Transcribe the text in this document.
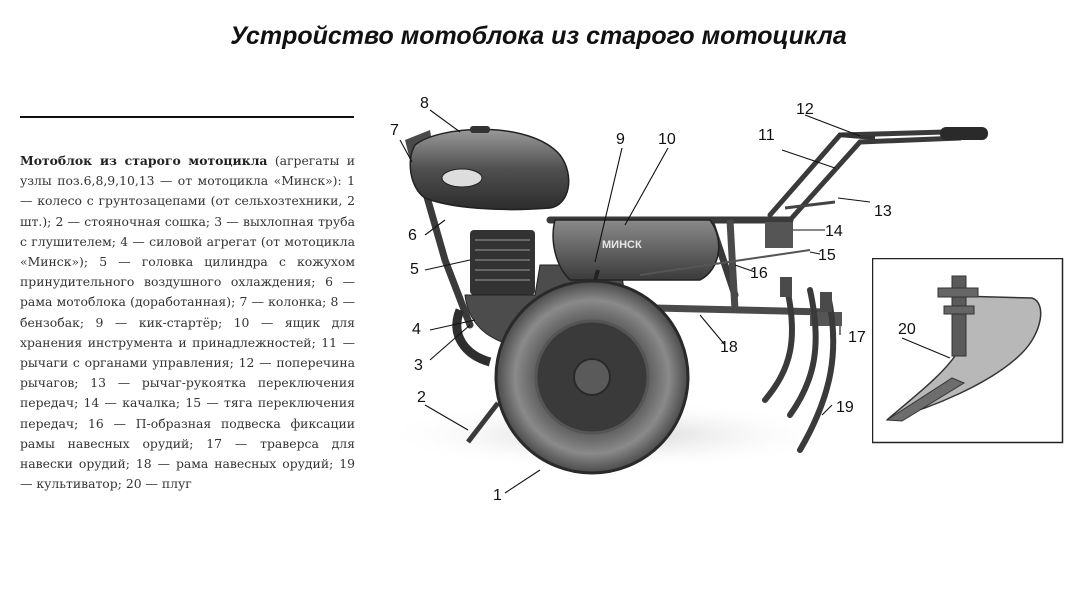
Устройство мотоблока из старого мотоцикла
Мотоблок из старого мотоцикла (агрегаты и узлы поз.6,8,9,10,13 — от мотоцикла «Минск»): 1 — колесо с грунтозацепами (от сельхозтехники, 2 шт.); 2 — стояночная сошка; 3 — выхлопная труба с глушителем; 4 — силовой агрегат (от мотоцикла «Минск»); 5 — головка цилиндра с кожухом принудительного воздушного охлаждения; 6 — рама мотоблока (доработанная); 7 — колонка; 8 — бензобак; 9 — кик-стартёр; 10 — ящик для хранения инструмента и принадлежностей; 11 — рычаги с органами управления; 12 — поперечина рычагов; 13 — рычаг-рукоятка переключения передач; 14 — качалка; 15 — тяга переключения передач; 16 — П-образная подвеска фиксации рамы навесных орудий; 17 — траверса для навески орудий; 18 — рама навесных орудий; 19 — культиватор; 20 — плуг
МИНСК
1
2
3
4
5
6
7
8
9 10	11
12
13
14
15
16
17
18
19
20
